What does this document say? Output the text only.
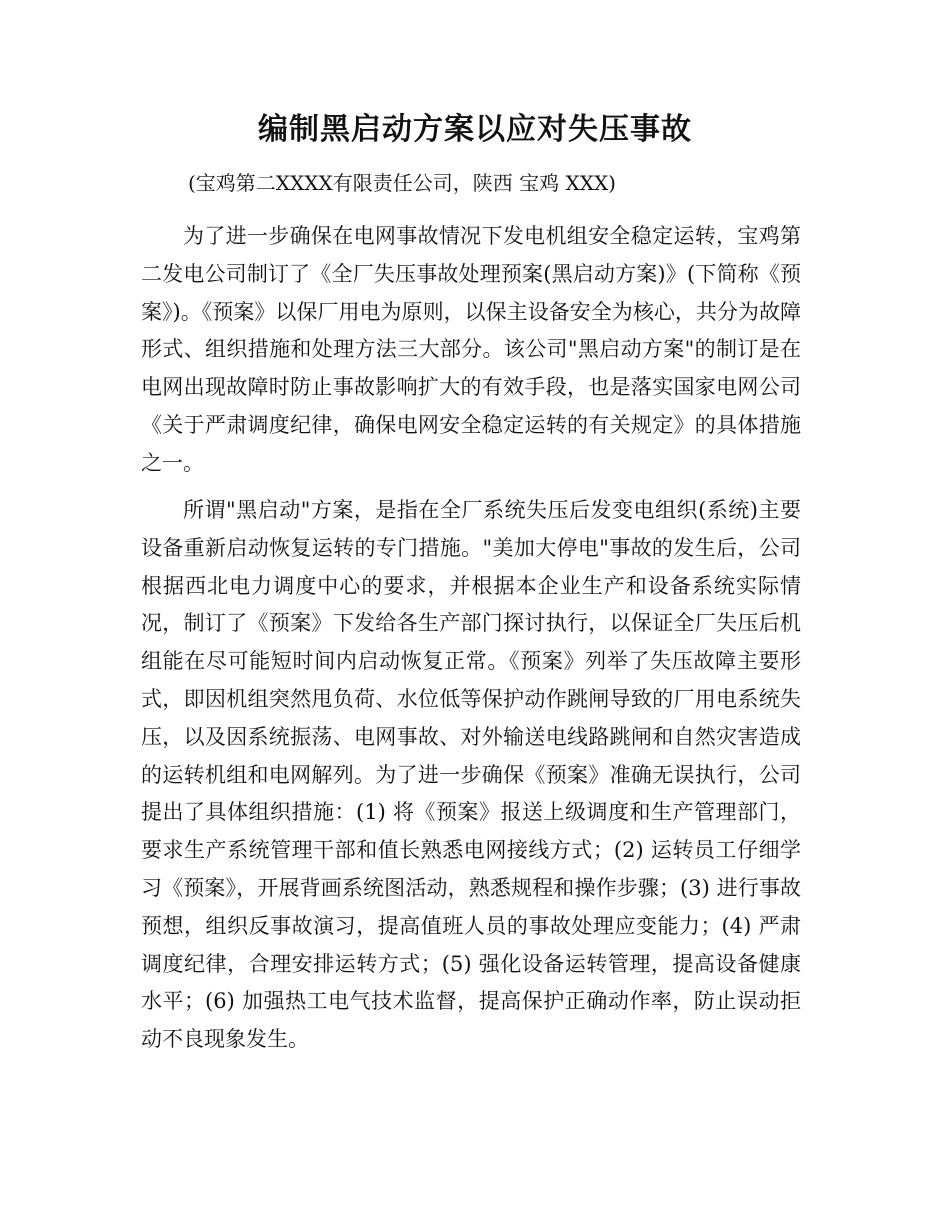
编制黑启动方案以应对失压事故

(宝鸡第二XXXX有限责任公司，陕西 宝鸡 XXX)

为了进一步确保在电网事故情况下发电机组安全稳定运转，宝鸡第二发电公司制订了《全厂失压事故处理预案(黑启动方案)》(下简称《预案》)。《预案》以保厂用电为原则，以保主设备安全为核心，共分为故障形式、组织措施和处理方法三大部分。该公司"黑启动方案"的制订是在电网出现故障时防止事故影响扩大的有效手段，也是落实国家电网公司《关于严肃调度纪律，确保电网安全稳定运转的有关规定》的具体措施之一。

所谓"黑启动"方案，是指在全厂系统失压后发变电组织(系统)主要设备重新启动恢复运转的专门措施。"美加大停电"事故的发生后，公司根据西北电力调度中心的要求，并根据本企业生产和设备系统实际情况，制订了《预案》下发给各生产部门探讨执行，以保证全厂失压后机组能在尽可能短时间内启动恢复正常。《预案》列举了失压故障主要形式，即因机组突然甩负荷、水位低等保护动作跳闸导致的厂用电系统失压，以及因系统振荡、电网事故、对外输送电线路跳闸和自然灾害造成的运转机组和电网解列。为了进一步确保《预案》准确无误执行，公司提出了具体组织措施：(1) 将《预案》报送上级调度和生产管理部门，要求生产系统管理干部和值长熟悉电网接线方式；(2) 运转员工仔细学习《预案》，开展背画系统图活动，熟悉规程和操作步骤；(3) 进行事故预想，组织反事故演习，提高值班人员的事故处理应变能力；(4) 严肃调度纪律，合理安排运转方式；(5) 强化设备运转管理，提高设备健康水平；(6) 加强热工电气技术监督，提高保护正确动作率，防止误动拒动不良现象发生。
